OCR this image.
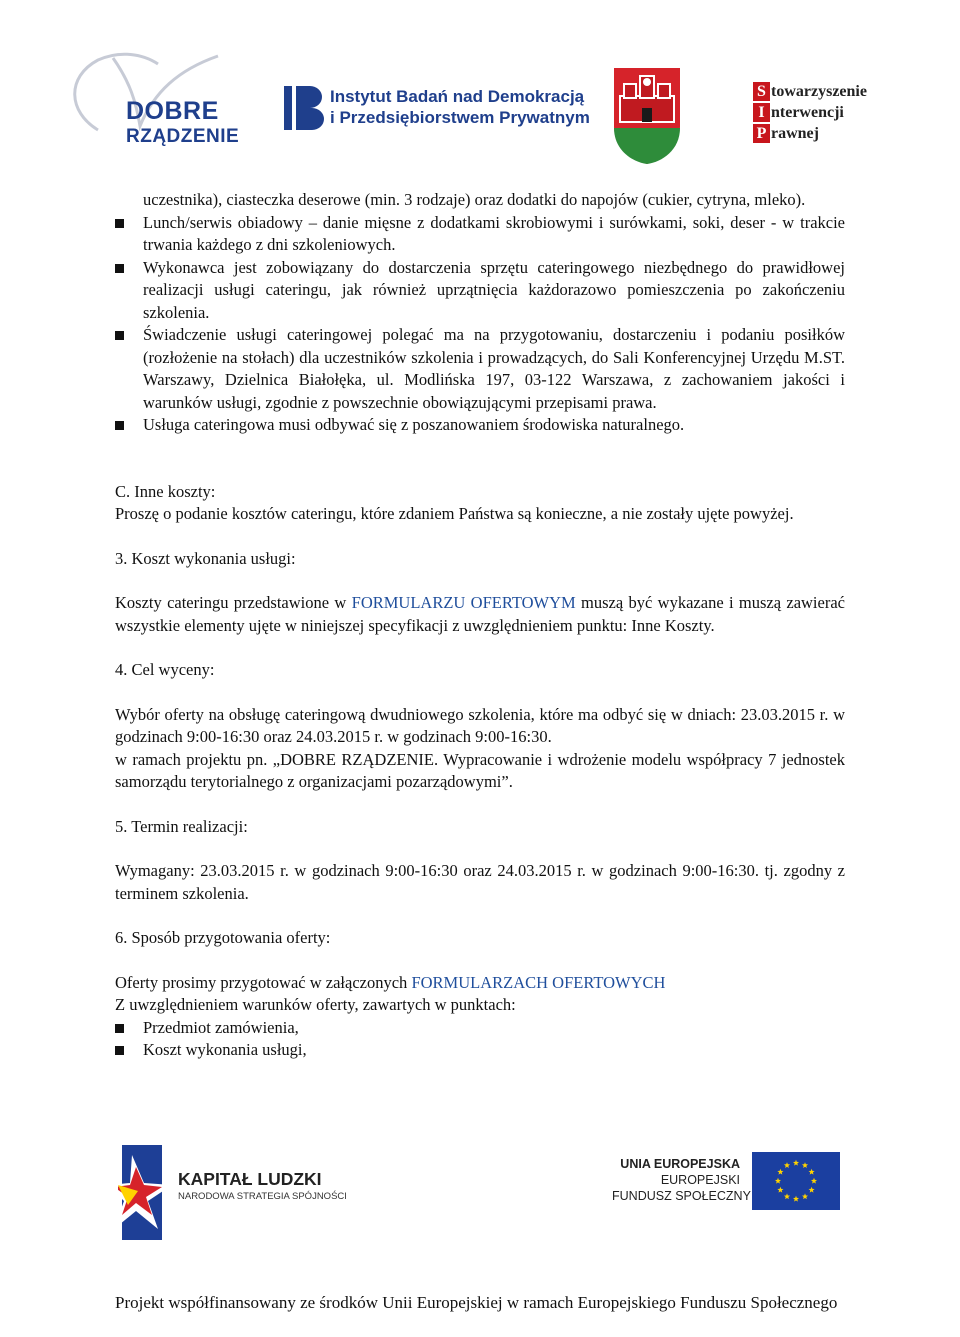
DOBRE
RZĄDZENIE
Instytut Badań nad Demokracją
i Przedsiębiorstwem Prywatnym
S towarzyszenie
I nterwencji
P rawnej

uczestnika), ciasteczka deserowe (min. 3 rodzaje) oraz dodatki do napojów (cukier, cytryna, mleko).

Lunch/serwis obiadowy – danie mięsne z dodatkami skrobiowymi i surówkami, soki, deser - w trakcie trwania każdego z dni szkoleniowych.
Wykonawca jest zobowiązany do dostarczenia sprzętu cateringowego niezbędnego do prawidłowej realizacji usługi cateringu, jak również uprzątnięcia każdorazowo pomieszczenia po zakończeniu szkolenia.
Świadczenie usługi cateringowej polegać ma na przygotowaniu, dostarczeniu i podaniu posiłków (rozłożenie na stołach) dla uczestników szkolenia i prowadzących, do Sali Konferencyjnej Urzędu M.ST. Warszawy, Dzielnica Białołęka, ul. Modlińska 197, 03-122 Warszawa, z zachowaniem jakości i warunków usługi, zgodnie z powszechnie obowiązującymi przepisami prawa.
Usługa cateringowa musi odbywać się z poszanowaniem środowiska naturalnego.

C. Inne koszty:

Proszę o podanie kosztów cateringu, które zdaniem Państwa są konieczne, a nie zostały ujęte powyżej.

3. Koszt wykonania usługi:

Koszty cateringu przedstawione w FORMULARZU OFERTOWYM muszą być wykazane i muszą zawierać wszystkie elementy ujęte w niniejszej specyfikacji z uwzględnieniem punktu: Inne Koszty.

4. Cel wyceny:

Wybór oferty na obsługę cateringową dwudniowego szkolenia, które ma odbyć się w dniach: 23.03.2015 r. w godzinach 9:00-16:30 oraz 24.03.2015 r. w godzinach 9:00-16:30.

w ramach projektu pn. „DOBRE RZĄDZENIE. Wypracowanie i wdrożenie modelu współpracy 7 jednostek samorządu terytorialnego z organizacjami pozarządowymi”.

5. Termin realizacji:

Wymagany: 23.03.2015 r. w godzinach 9:00-16:30 oraz 24.03.2015 r. w godzinach 9:00-16:30. tj. zgodny z terminem szkolenia.

6. Sposób przygotowania oferty:

Oferty prosimy przygotować w załączonych FORMULARZACH OFERTOWYCH

Z uwzględnieniem warunków oferty, zawartych w punktach:

Przedmiot zamówienia,
Koszt wykonania usługi,
KAPITAŁ LUDZKI
NARODOWA STRATEGIA SPÓJNOŚCI
UNIA EUROPEJSKA
EUROPEJSKI
FUNDUSZ SPOŁECZNY
Projekt współfinansowany ze środków Unii Europejskiej w ramach Europejskiego Funduszu Społecznego
